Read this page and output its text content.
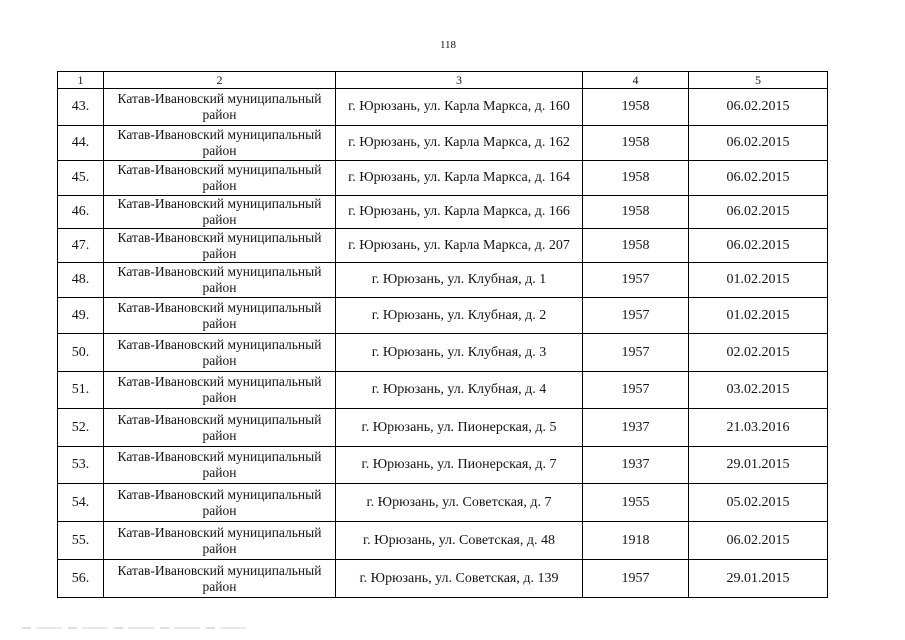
118
1	2	3	4	5
43.	Катав-Ивановский муниципальный район	г. Юрюзань, ул. Карла Маркса, д. 160	1958	06.02.2015
44.	Катав-Ивановский муниципальный район	г. Юрюзань, ул. Карла Маркса, д. 162	1958	06.02.2015
45.	Катав-Ивановский муниципальный район	г. Юрюзань, ул. Карла Маркса, д. 164	1958	06.02.2015
46.	Катав-Ивановский муниципальный район	г. Юрюзань, ул. Карла Маркса, д. 166	1958	06.02.2015
47.	Катав-Ивановский муниципальный район	г. Юрюзань, ул. Карла Маркса, д. 207	1958	06.02.2015
48.	Катав-Ивановский муниципальный район	г. Юрюзань, ул. Клубная, д. 1	1957	01.02.2015
49.	Катав-Ивановский муниципальный район	г. Юрюзань, ул. Клубная, д. 2	1957	01.02.2015
50.	Катав-Ивановский муниципальный район	г. Юрюзань, ул. Клубная, д. 3	1957	02.02.2015
51.	Катав-Ивановский муниципальный район	г. Юрюзань, ул. Клубная, д. 4	1957	03.02.2015
52.	Катав-Ивановский муниципальный район	г. Юрюзань, ул. Пионерская, д. 5	1937	21.03.2016
53.	Катав-Ивановский муниципальный район	г. Юрюзань, ул. Пионерская, д. 7	1937	29.01.2015
54.	Катав-Ивановский муниципальный район	г. Юрюзань, ул. Советская, д. 7	1955	05.02.2015
55.	Катав-Ивановский муниципальный район	г. Юрюзань, ул. Советская, д. 48	1918	06.02.2015
56.	Катав-Ивановский муниципальный район	г. Юрюзань, ул. Советская, д. 139	1957	29.01.2015
